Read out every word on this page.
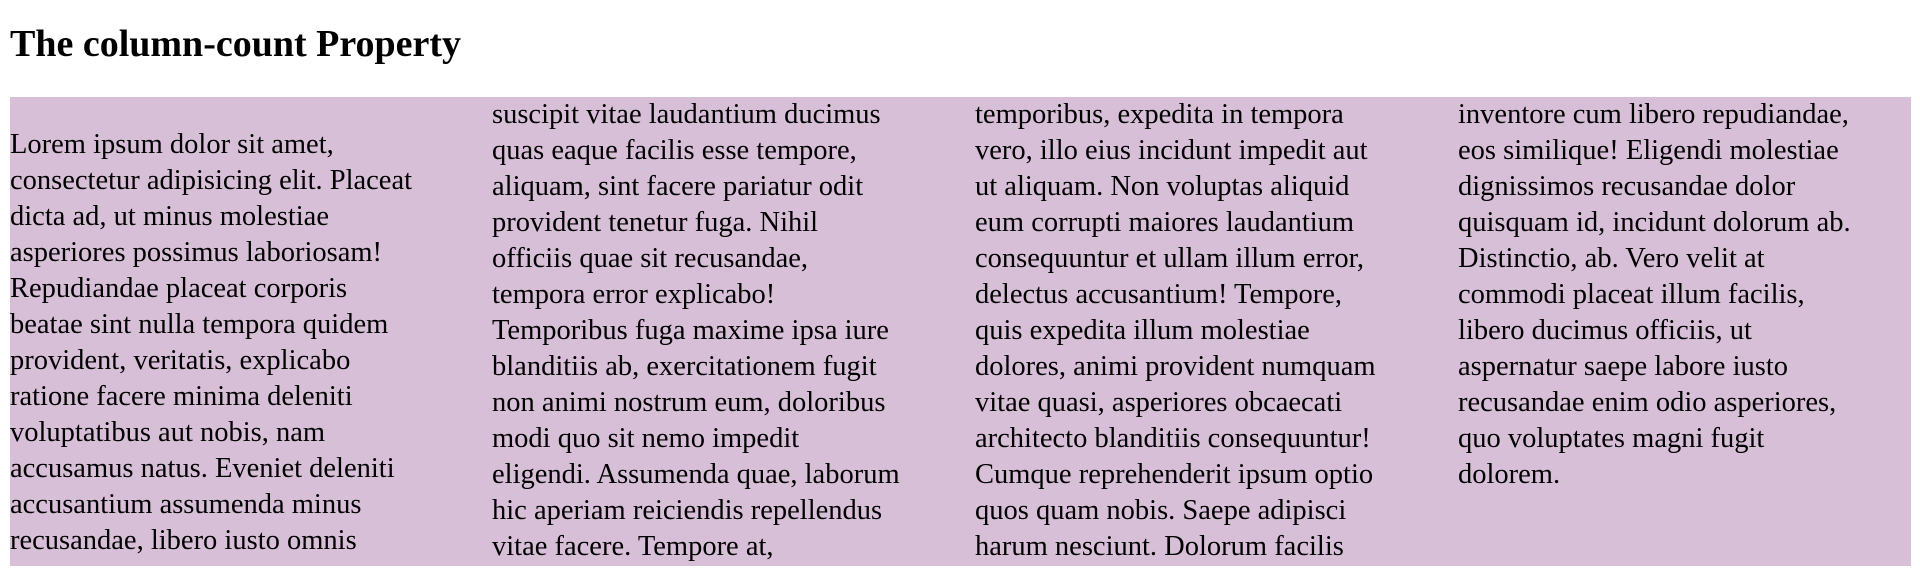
The column-count Property
Lorem ipsum dolor sit amet,
consectetur adipisicing elit. Placeat
dicta ad, ut minus molestiae
asperiores possimus laboriosam!
Repudiandae placeat corporis
beatae sint nulla tempora quidem
provident, veritatis, explicabo
ratione facere minima deleniti
voluptatibus aut nobis, nam
accusamus natus. Eveniet deleniti
accusantium assumenda minus
recusandae, libero iusto omnis
suscipit vitae laudantium ducimus
quas eaque facilis esse tempore,
aliquam, sint facere pariatur odit
provident tenetur fuga. Nihil
officiis quae sit recusandae,
tempora error explicabo!
Temporibus fuga maxime ipsa iure
blanditiis ab, exercitationem fugit
non animi nostrum eum, doloribus
modi quo sit nemo impedit
eligendi. Assumenda quae, laborum
hic aperiam reiciendis repellendus
vitae facere. Tempore at,
temporibus, expedita in tempora
vero, illo eius incidunt impedit aut
ut aliquam. Non voluptas aliquid
eum corrupti maiores laudantium
consequuntur et ullam illum error,
delectus accusantium! Tempore,
quis expedita illum molestiae
dolores, animi provident numquam
vitae quasi, asperiores obcaecati
architecto blanditiis consequuntur!
Cumque reprehenderit ipsum optio
quos quam nobis. Saepe adipisci
harum nesciunt. Dolorum facilis
inventore cum libero repudiandae,
eos similique! Eligendi molestiae
dignissimos recusandae dolor
quisquam id, incidunt dolorum ab.
Distinctio, ab. Vero velit at
commodi placeat illum facilis,
libero ducimus officiis, ut
aspernatur saepe labore iusto
recusandae enim odio asperiores,
quo voluptates magni fugit
dolorem.
